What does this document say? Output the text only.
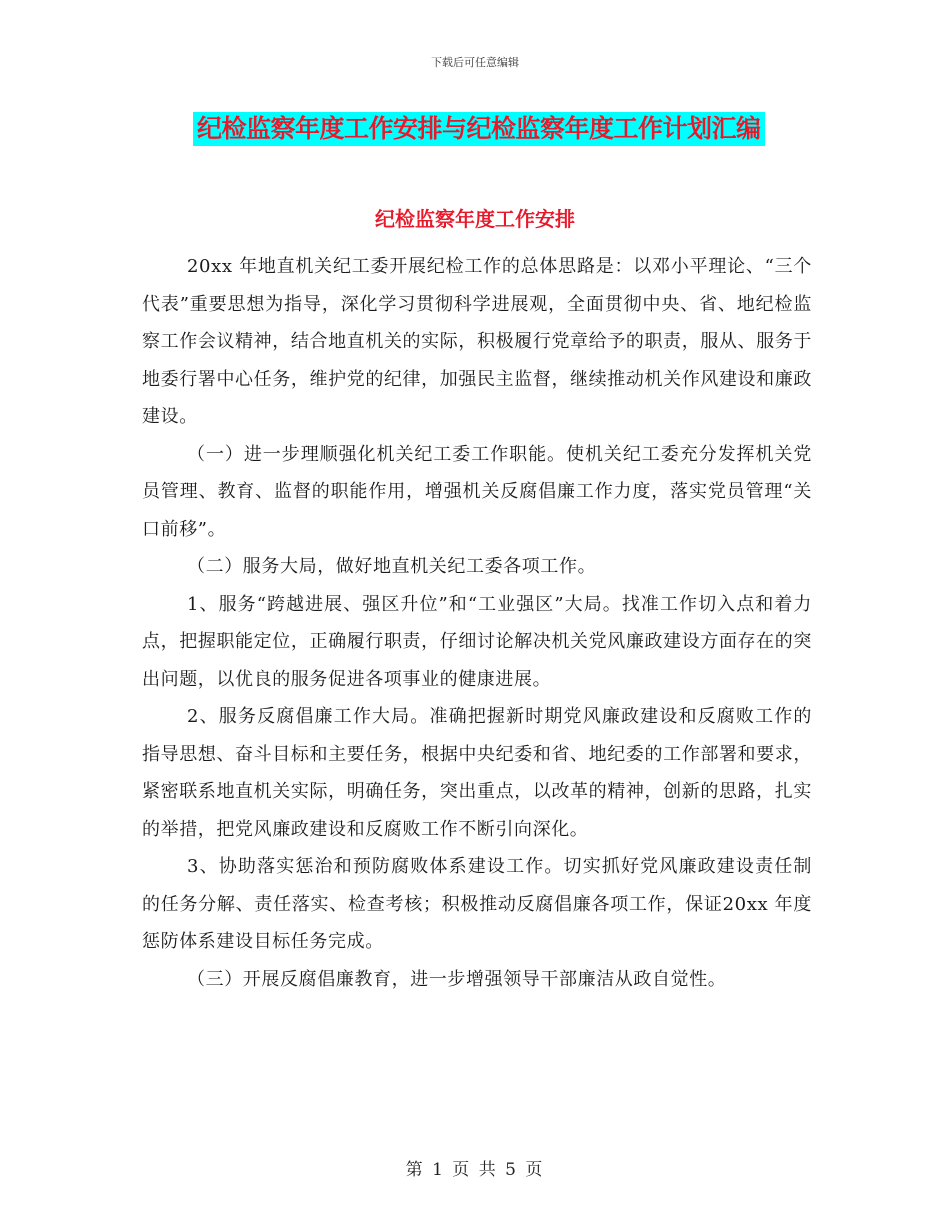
下载后可任意编辑
纪检监察年度工作安排与纪检监察年度工作计划汇编
纪检监察年度工作安排

20xx 年地直机关纪工委开展纪检工作的总体思路是：以邓小平理论、“三个代表”重要思想为指导，深化学习贯彻科学进展观，全面贯彻中央、省、地纪检监察工作会议精神，结合地直机关的实际，积极履行党章给予的职责，服从、服务于地委行署中心任务，维护党的纪律，加强民主监督，继续推动机关作风建设和廉政建设。

（一）进一步理顺强化机关纪工委工作职能。使机关纪工委充分发挥机关党员管理、教育、监督的职能作用，增强机关反腐倡廉工作力度，落实党员管理“关口前移”。

（二）服务大局，做好地直机关纪工委各项工作。

1、服务“跨越进展、强区升位”和“工业强区”大局。找准工作切入点和着力点，把握职能定位，正确履行职责，仔细讨论解决机关党风廉政建设方面存在的突出问题，以优良的服务促进各项事业的健康进展。

2、服务反腐倡廉工作大局。准确把握新时期党风廉政建设和反腐败工作的指导思想、奋斗目标和主要任务，根据中央纪委和省、地纪委的工作部署和要求，紧密联系地直机关实际，明确任务，突出重点，以改革的精神，创新的思路，扎实的举措，把党风廉政建设和反腐败工作不断引向深化。

3、协助落实惩治和预防腐败体系建设工作。切实抓好党风廉政建设责任制的任务分解、责任落实、检查考核；积极推动反腐倡廉各项工作，保证20xx 年度惩防体系建设目标任务完成。

（三）开展反腐倡廉教育，进一步增强领导干部廉洁从政自觉性。

第 1 页 共 5 页
